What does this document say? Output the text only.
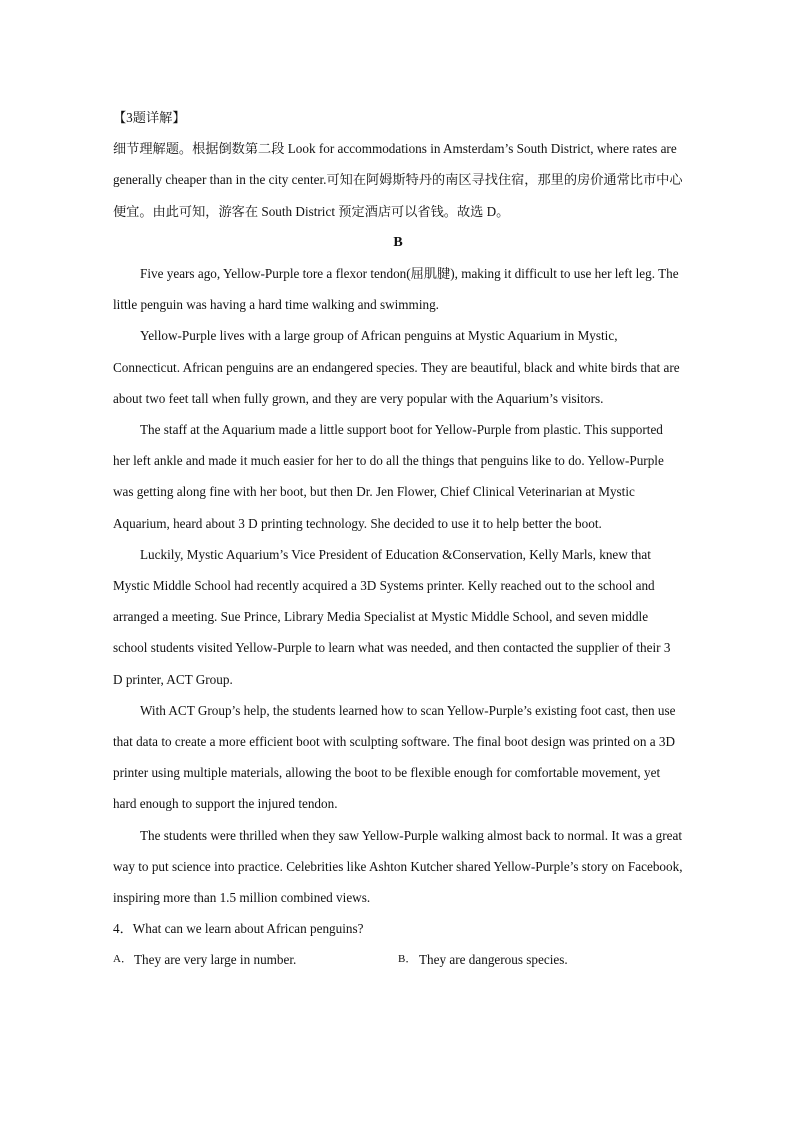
【3题详解】

细节理解题。根据倒数第二段 Look for accommodations in Amsterdam’s South District, where rates are generally cheaper than in the city center.可知在阿姆斯特丹的南区寻找住宿，那里的房价通常比市中心便宜。由此可知，游客在 South District 预定酒店可以省钱。故选 D。

B

Five years ago, Yellow-Purple tore a flexor tendon(屈肌腱), making it difficult to use her left leg. The little penguin was having a hard time walking and swimming.

Yellow-Purple lives with a large group of African penguins at Mystic Aquarium in Mystic, Connecticut. African penguins are an endangered species. They are beautiful, black and white birds that are about two feet tall when fully grown, and they are very popular with the Aquarium’s visitors.

The staff at the Aquarium made a little support boot for Yellow-Purple from plastic. This supported her left ankle and made it much easier for her to do all the things that penguins like to do. Yellow-Purple was getting along fine with her boot, but then Dr. Jen Flower, Chief Clinical Veterinarian at Mystic Aquarium, heard about 3 D printing technology. She decided to use it to help better the boot.

Luckily, Mystic Aquarium’s Vice President of Education &Conservation, Kelly Marls, knew that Mystic Middle School had recently acquired a 3D Systems printer. Kelly reached out to the school and arranged a meeting. Sue Prince, Library Media Specialist at Mystic Middle School, and seven middle school students visited Yellow-Purple to learn what was needed, and then contacted the supplier of their 3 D printer, ACT Group.

With ACT Group’s help, the students learned how to scan Yellow-Purple’s existing foot cast, then use that data to create a more efficient boot with sculpting software. The final boot design was printed on a 3D printer using multiple materials, allowing the boot to be flexible enough for comfortable movement, yet hard enough to support the injured tendon.

The students were thrilled when they saw Yellow-Purple walking almost back to normal. It was a great way to put science into practice. Celebrities like Ashton Kutcher shared Yellow-Purple’s story on Facebook, inspiring more than 1.5 million combined views.

4．What can we learn about African penguins?

A． They are very large in number.	B． They are dangerous species.
